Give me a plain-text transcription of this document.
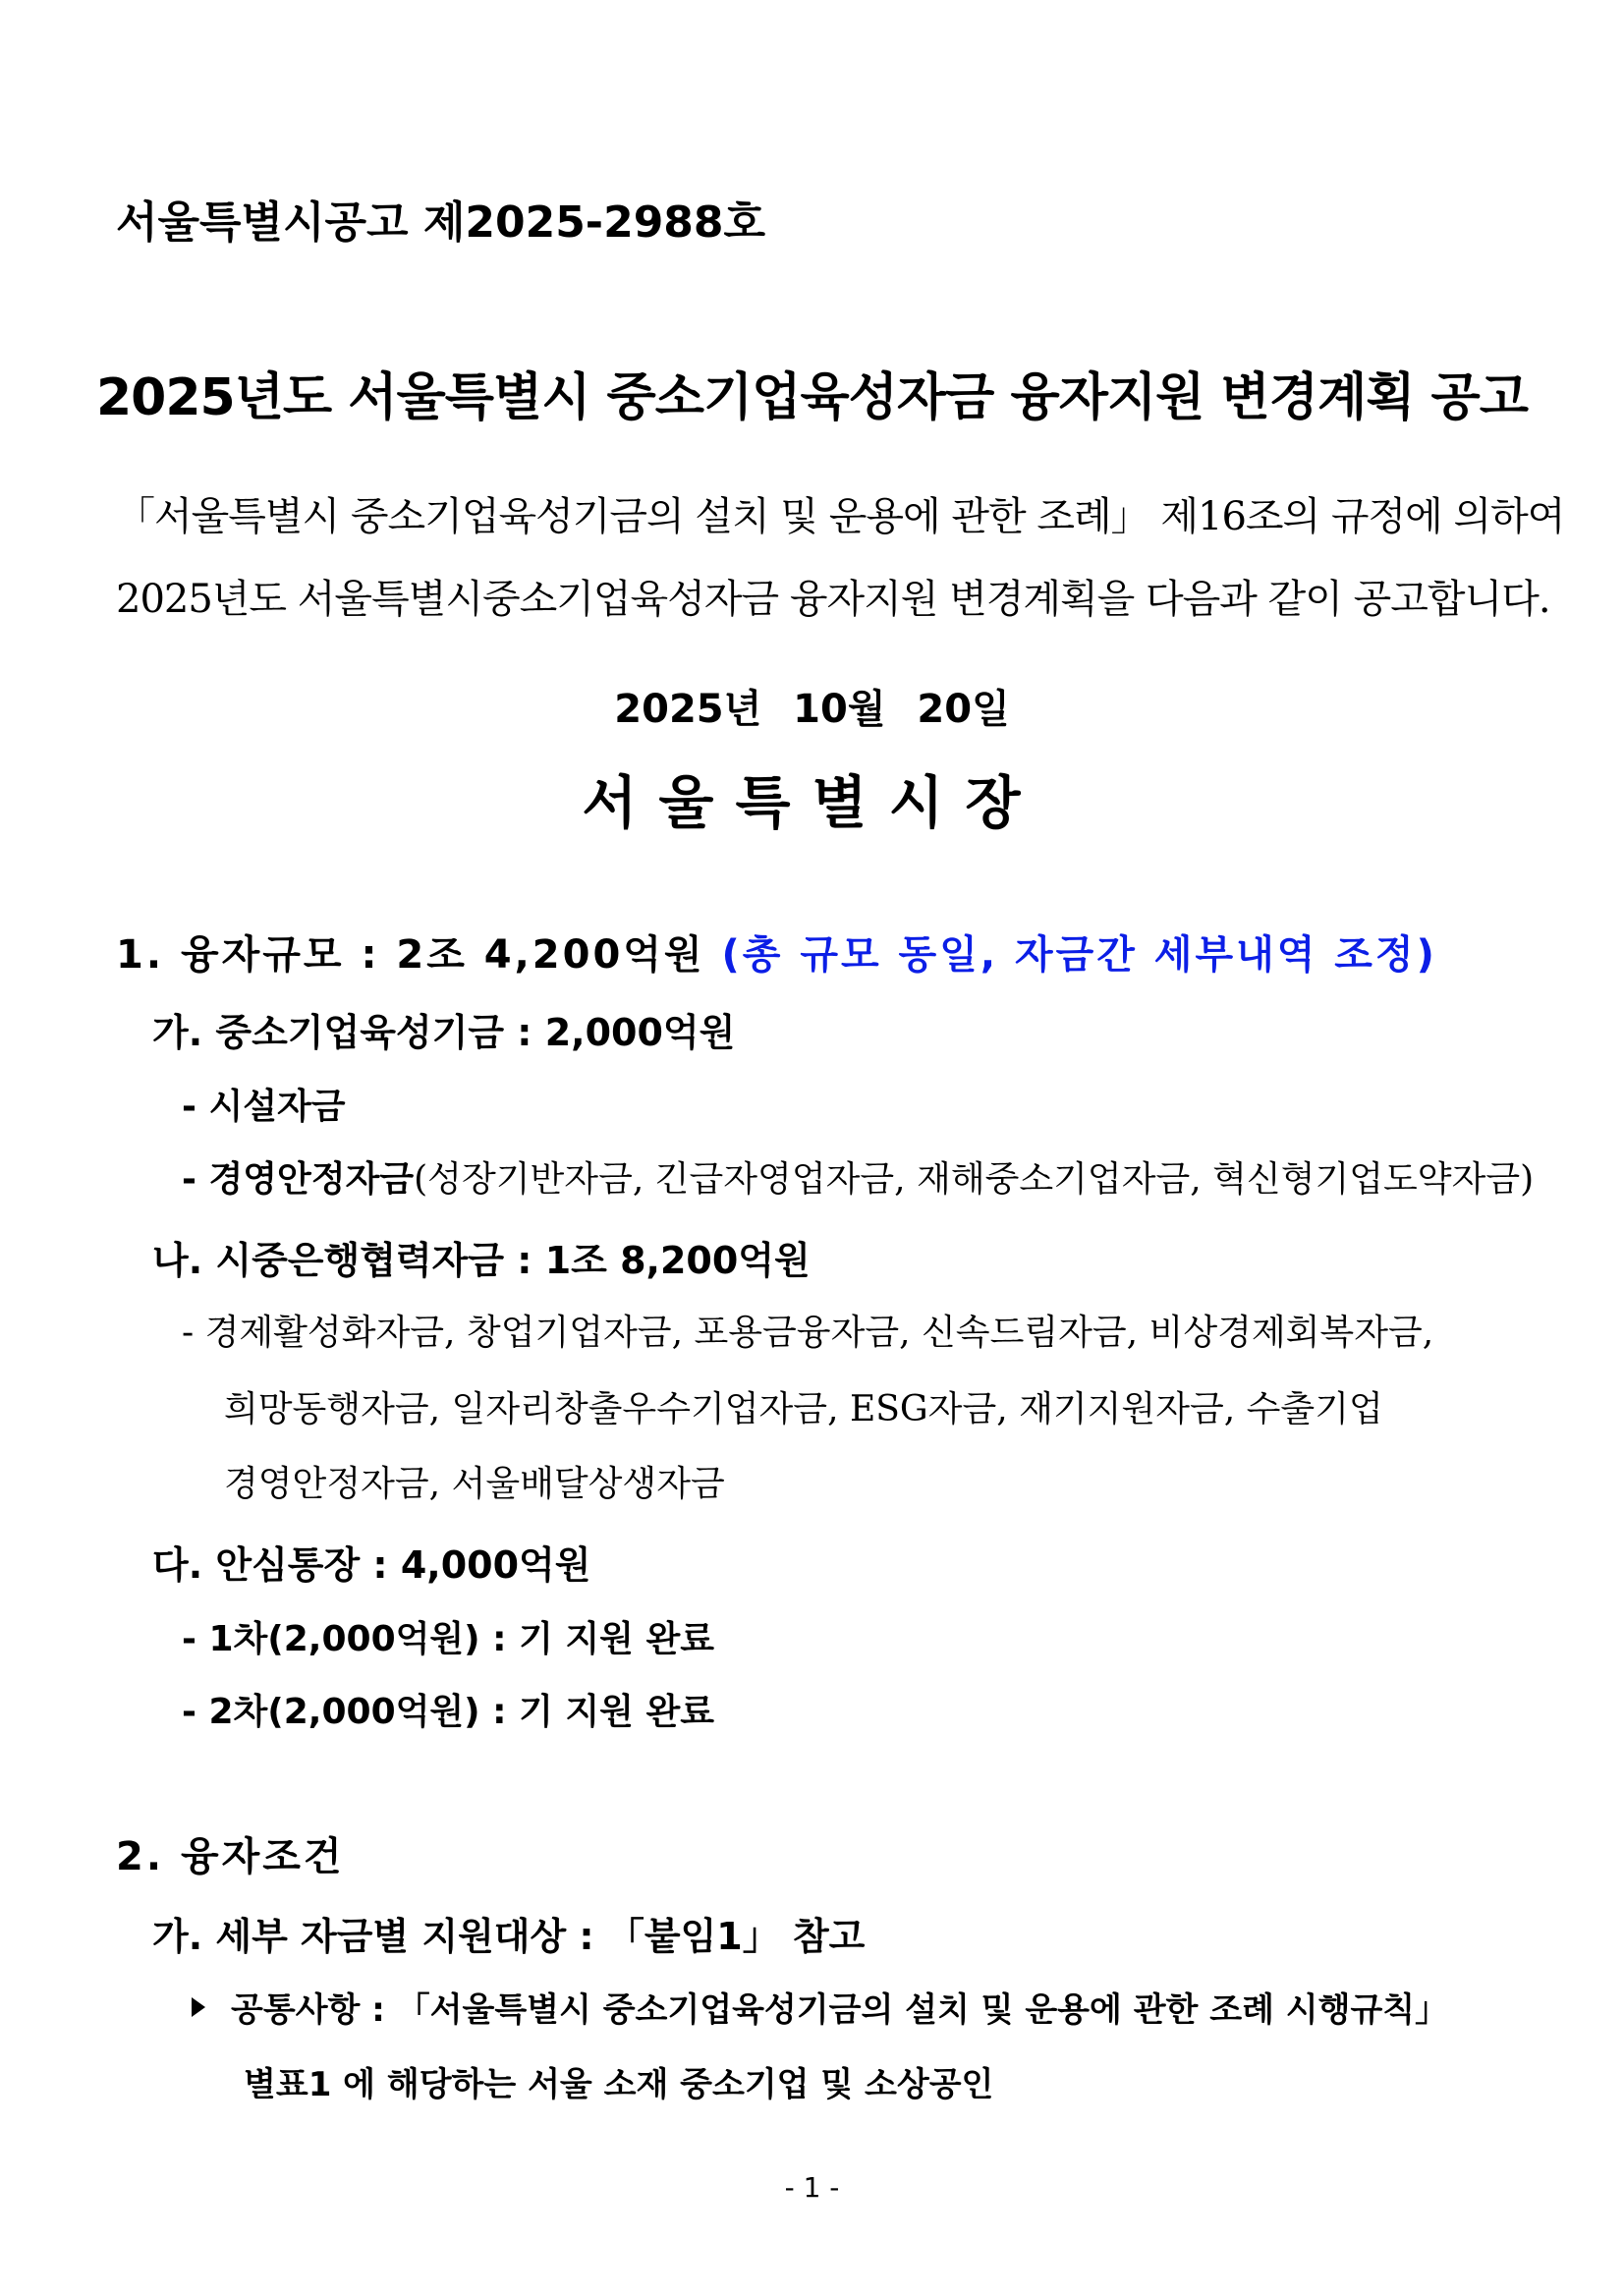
서울특별시공고 제2025-2988호
2025년도 서울특별시 중소기업육성자금 융자지원 변경계획 공고
「서울특별시 중소기업육성기금의 설치 및 운용에 관한 조례」 제16조의 규정에 의하여
2025년도 서울특별시중소기업육성자금 융자지원 변경계획을 다음과 같이 공고합니다.
2025년 10월 20일
서울특별시장
1. 융자규모 : 2조 4,200억원 (총 규모 동일, 자금간 세부내역 조정)
가. 중소기업육성기금 : 2,000억원
- 시설자금
- 경영안정자금(성장기반자금, 긴급자영업자금, 재해중소기업자금, 혁신형기업도약자금)
나. 시중은행협력자금 : 1조 8,200억원
- 경제활성화자금, 창업기업자금, 포용금융자금, 신속드림자금, 비상경제회복자금,
희망동행자금, 일자리창출우수기업자금, ESG자금, 재기지원자금, 수출기업
경영안정자금, 서울배달상생자금
다. 안심통장 : 4,000억원
- 1차(2,000억원) : 기 지원 완료
- 2차(2,000억원) : 기 지원 완료
2. 융자조건
가. 세부 자금별 지원대상 : 「붙임1」 참고
공통사항 : 「서울특별시 중소기업육성기금의 설치 및 운용에 관한 조례 시행규칙」
별표1 에 해당하는 서울 소재 중소기업 및 소상공인
- 1 -
